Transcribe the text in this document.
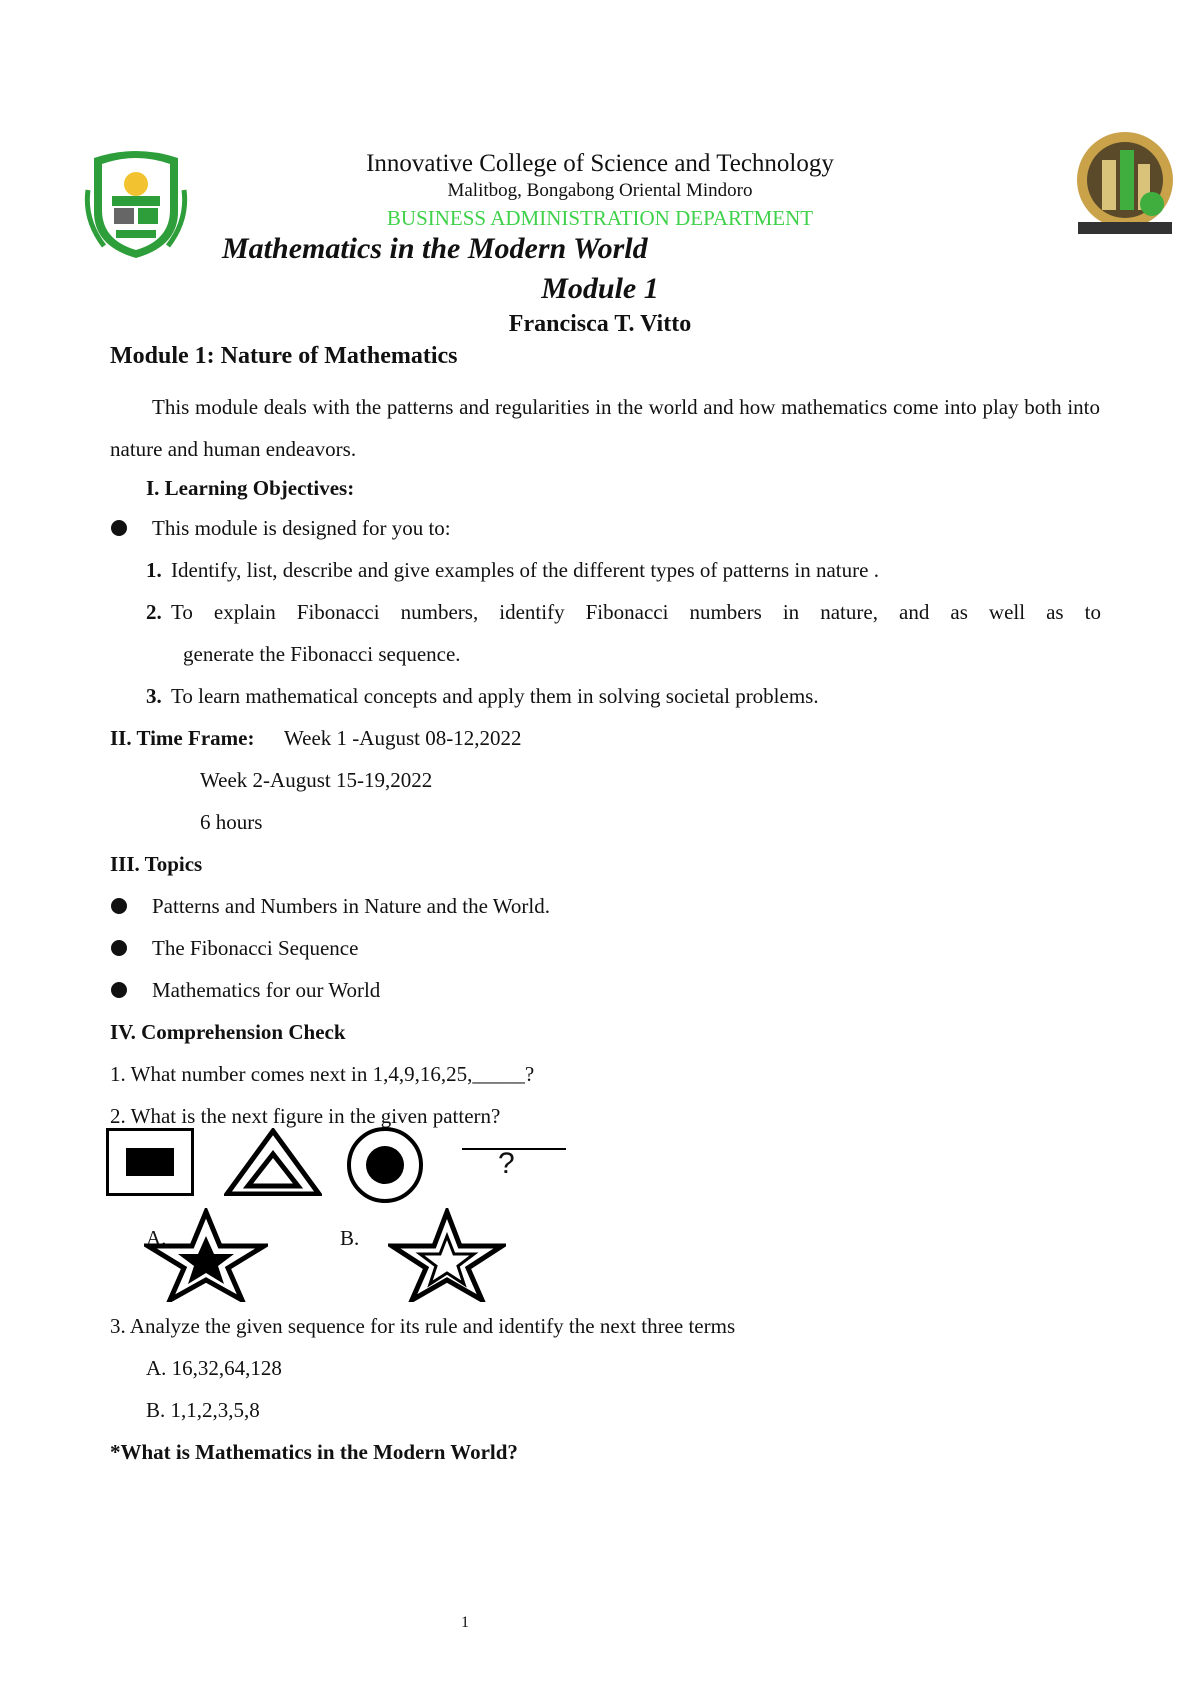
Innovative College of Science and Technology
Malitbog, Bongabong Oriental Mindoro
BUSINESS ADMINISTRATION DEPARTMENT
Mathematics in the Modern World
Module 1
Francisca T. Vitto
Module 1: Nature of Mathematics
This module deals with the patterns and regularities in the world and how mathematics come into play both into nature and human endeavors.
I. Learning Objectives:
This module is designed for you to:
1. Identify, list, describe and give examples of the different types of patterns in nature .
2. To explain Fibonacci numbers, identify Fibonacci numbers in nature, and as well as to
generate the Fibonacci sequence.
3. To learn mathematical concepts and apply them in solving societal problems.
II. Time Frame: Week 1 -August 08-12,2022
Week 2-August 15-19,2022
6 hours
III. Topics
Patterns and Numbers in Nature and the World.
The Fibonacci Sequence
Mathematics for our World
IV. Comprehension Check
1. What number comes next in 1,4,9,16,25,_____?
2. What is the next figure in the given pattern?
?
A.	B.
3. Analyze the given sequence for its rule and identify the next three terms
A. 16,32,64,128
B. 1,1,2,3,5,8
*What is Mathematics in the Modern World?
1
